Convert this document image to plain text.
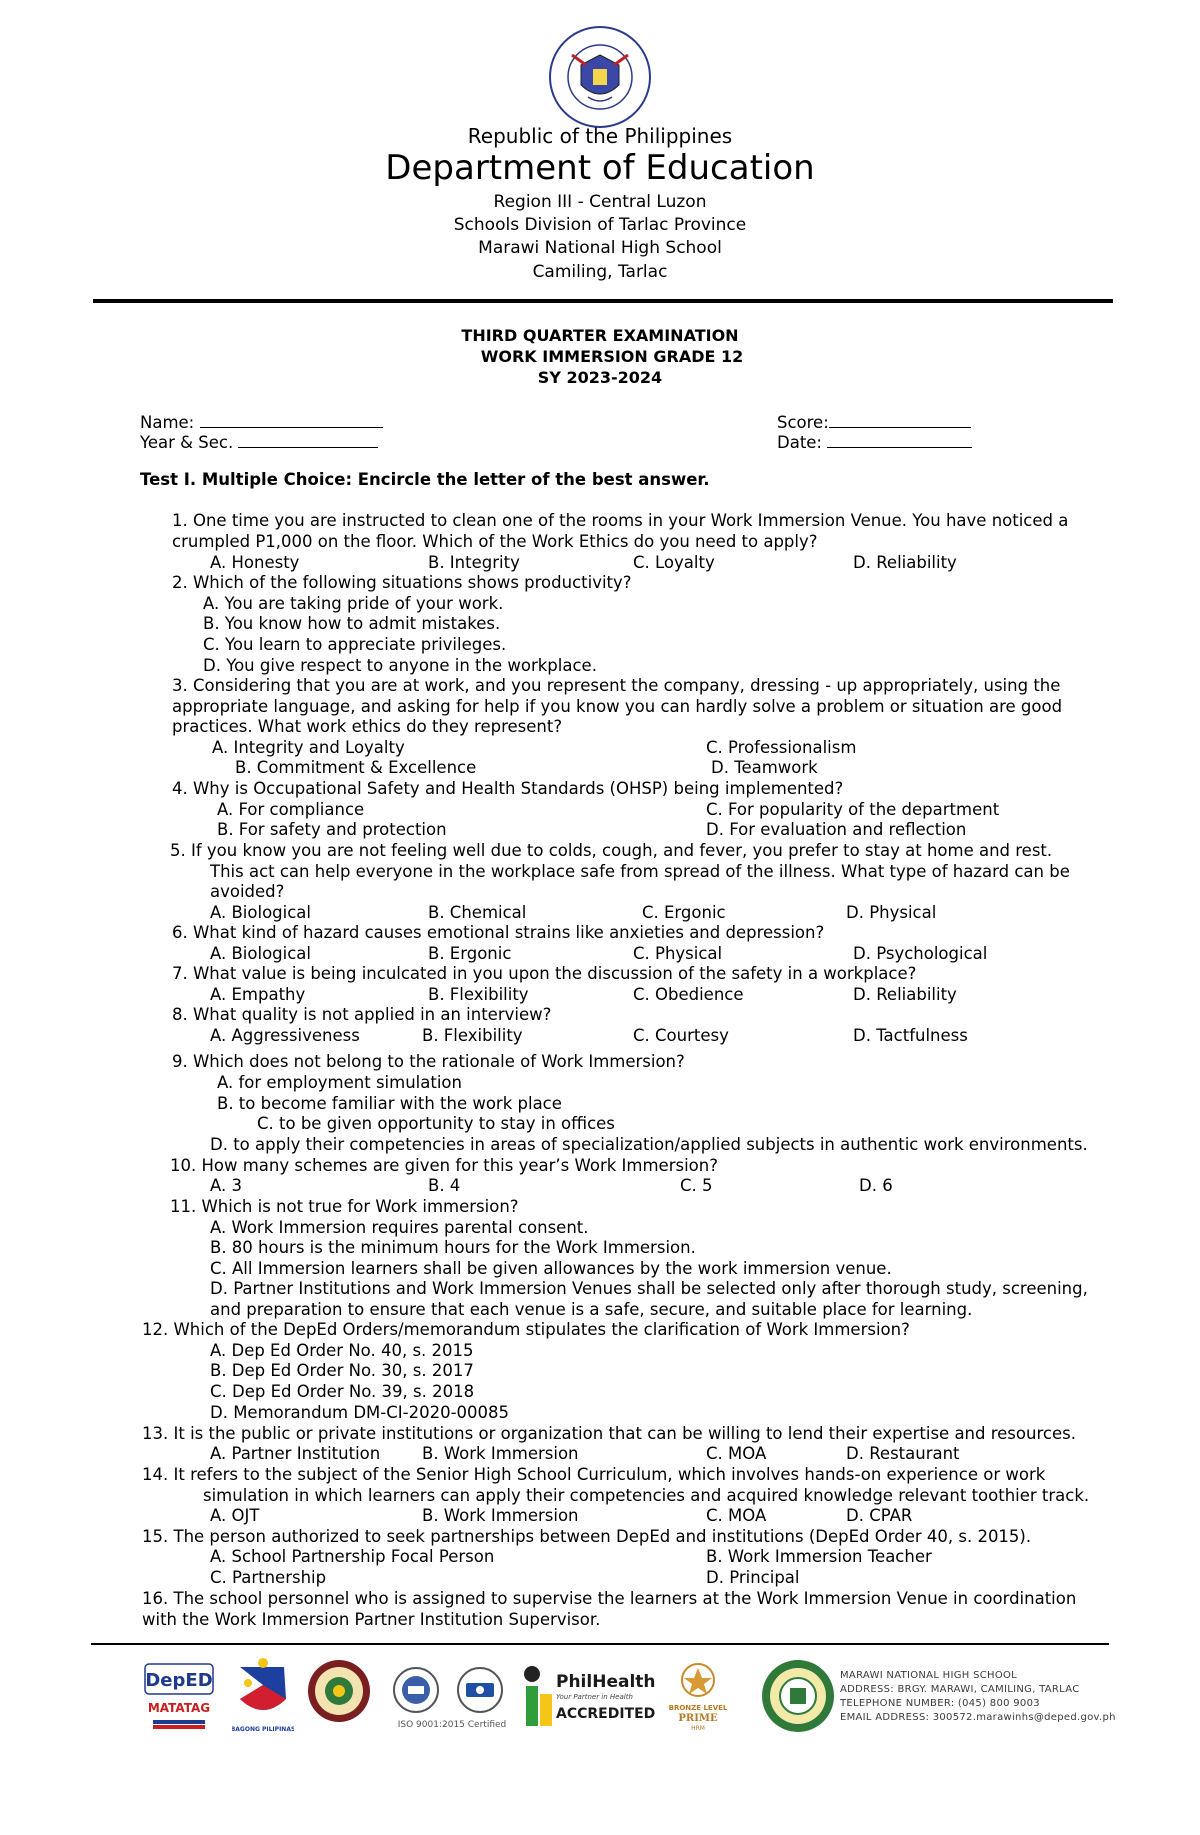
Republic of the Philippines
Department of Education
Region III - Central Luzon
Schools Division of Tarlac Province
Marawi National High School
Camiling, Tarlac
THIRD QUARTER EXAMINATION
WORK IMMERSION GRADE 12
SY 2023-2024
Name:
Year & Sec.
Score:
Date:
Test I. Multiple Choice: Encircle the letter of the best answer.
1. One time you are instructed to clean one of the rooms in your Work Immersion Venue. You have noticed a
crumpled P1,000 on the floor. Which of the Work Ethics do you need to apply?
A. Honesty	B. Integrity	C. Loyalty	D. Reliability
2. Which of the following situations shows productivity?
A. You are taking pride of your work.
B. You know how to admit mistakes.
C. You learn to appreciate privileges.
D. You give respect to anyone in the workplace.
3. Considering that you are at work, and you represent the company, dressing - up appropriately, using the
appropriate language, and asking for help if you know you can hardly solve a problem or situation are good
practices. What work ethics do they represent?
A. Integrity and Loyalty
B. Commitment & Excellence
C. Professionalism
D. Teamwork
4. Why is Occupational Safety and Health Standards (OHSP) being implemented?
A. For compliance
B. For safety and protection
C. For popularity of the department
D. For evaluation and reflection
5. If you know you are not feeling well due to colds, cough, and fever, you prefer to stay at home and rest.
This act can help everyone in the workplace safe from spread of the illness. What type of hazard can be
avoided?
A. Biological	B. Chemical	C. Ergonic	D. Physical
6. What kind of hazard causes emotional strains like anxieties and depression?
A. Biological	B. Ergonic	C. Physical	D. Psychological
7. What value is being inculcated in you upon the discussion of the safety in a workplace?
A. Empathy	B. Flexibility	C. Obedience	D. Reliability
8. What quality is not applied in an interview?
A. Aggressiveness	B. Flexibility	C. Courtesy	D. Tactfulness
9. Which does not belong to the rationale of Work Immersion?
A. for employment simulation
B. to become familiar with the work place
C. to be given opportunity to stay in offices
D. to apply their competencies in areas of specialization/applied subjects in authentic work environments.
10. How many schemes are given for this year’s Work Immersion?
A. 3	B. 4	C. 5	D. 6
11. Which is not true for Work immersion?
A. Work Immersion requires parental consent.
B. 80 hours is the minimum hours for the Work Immersion.
C. All Immersion learners shall be given allowances by the work immersion venue.
D. Partner Institutions and Work Immersion Venues shall be selected only after thorough study, screening,
and preparation to ensure that each venue is a safe, secure, and suitable place for learning.
12. Which of the DepEd Orders/memorandum stipulates the clarification of Work Immersion?
A. Dep Ed Order No. 40, s. 2015
B. Dep Ed Order No. 30, s. 2017
C. Dep Ed Order No. 39, s. 2018
D. Memorandum DM-CI-2020-00085
13. It is the public or private institutions or organization that can be willing to lend their expertise and resources.
A. Partner Institution	B. Work Immersion	C. MOA	D. Restaurant
14. It refers to the subject of the Senior High School Curriculum, which involves hands-on experience or work
simulation in which learners can apply their competencies and acquired knowledge relevant toothier track.
A. OJT	B. Work Immersion	C. MOA	D. CPAR
15. The person authorized to seek partnerships between DepEd and institutions (DepEd Order 40, s. 2015).
A. School Partnership Focal Person	B. Work Immersion Teacher
C. Partnership	D. Principal
16. The school personnel who is assigned to supervise the learners at the Work Immersion Venue in coordination
with the Work Immersion Partner Institution Supervisor.
DepED
MATATAG
BAGONG PILIPINAS	ISO 9001:2015 Certified
PhilHealth
Your Partner in Health
ACCREDITED	BRONZE LEVEL
PRIME
HRM
MARAWI NATIONAL HIGH SCHOOL
ADDRESS: BRGY. MARAWI, CAMILING, TARLAC
TELEPHONE NUMBER: (045) 800 9003
EMAIL ADDRESS: 300572.marawinhs@deped.gov.ph
